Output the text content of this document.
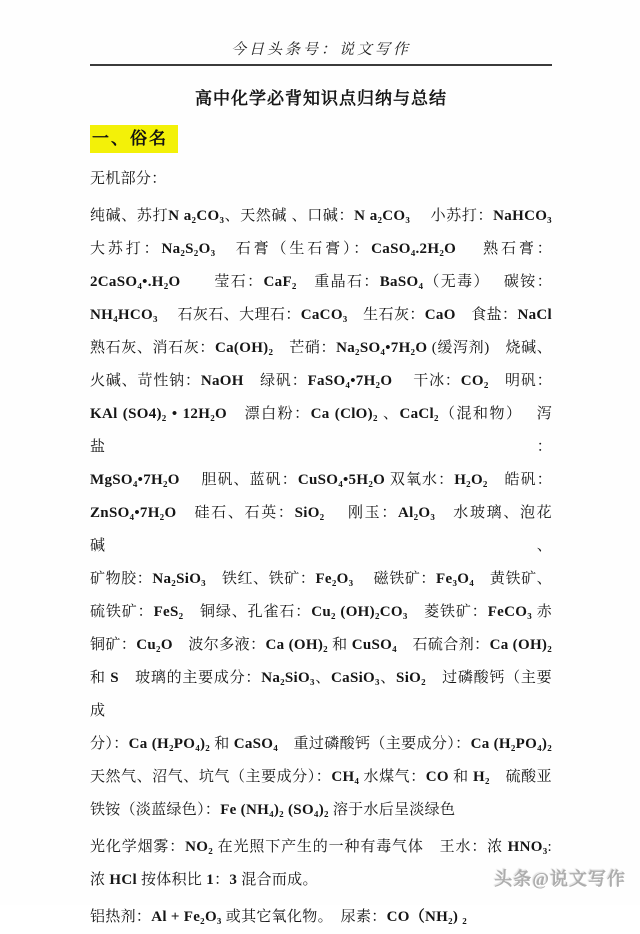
今日头条号：说文写作
高中化学必背知识点归纳与总结
一、俗名
无机部分：
纯碱、苏打N a₂CO₃、天然碱 、口碱：N a₂CO₃　 小苏打：NaHCO₃
大苏打：Na₂S₂O₃　石膏（生石膏）：CaSO₄.2H₂O　 熟石膏：
2CaSO₄•.H₂O　　莹石：CaF₂　重晶石：BaSO₄（无毒）　 碳铵：
NH₄HCO₃　 石灰石、大理石：CaCO₃　生石灰：CaO　食盐：NaCl
熟石灰、消石灰：Ca(OH)₂　芒硝：Na₂SO₄•7H₂O (缓泻剂)　烧碱、
火碱、苛性钠：NaOH　绿矾：FaSO₄•7H₂O　 干冰：CO₂　明矾：
KAl (SO4)₂ • 12H₂O　漂白粉：Ca (ClO)₂ 、CaCl₂（混和物）　 泻盐：
MgSO₄•7H₂O　 胆矾、蓝矾：CuSO₄•5H₂O 双氧水：H₂O₂　皓矾：
ZnSO₄•7H₂O　硅石、石英：SiO₂　 刚玉：Al₂O₃　水玻璃、泡花碱、
矿物胶：Na₂SiO₃　铁红、铁矿：Fe₂O₃　 磁铁矿：Fe₃O₄　黄铁矿、
硫铁矿：FeS₂　铜绿、孔雀石：Cu₂ (OH)₂CO₃　菱铁矿：FeCO₃ 赤
铜矿：Cu₂O　波尔多液：Ca (OH)₂ 和 CuSO₄　石硫合剂：Ca (OH)₂
和 S　玻璃的主要成分：Na₂SiO₃、CaSiO₃、SiO₂　过磷酸钙（主要成
分）：Ca (H₂PO₄)₂ 和 CaSO₄　重过磷酸钙（主要成分）：Ca (H₂PO₄)₂
天然气、沼气、坑气（主要成分）：CH₄ 水煤气：CO 和 H₂　硫酸亚
铁铵（淡蓝绿色）：Fe (NH₄)₂ (SO₄)₂ 溶于水后呈淡绿色
光化学烟雾：NO₂ 在光照下产生的一种有毒气体　王水：浓 HNO₃:
浓 HCl 按体积比 1：3 混合而成。
铝热剂：Al + Fe₂O₃ 或其它氧化物。　尿素：CO（NH₂) ₂
头条@说文写作
